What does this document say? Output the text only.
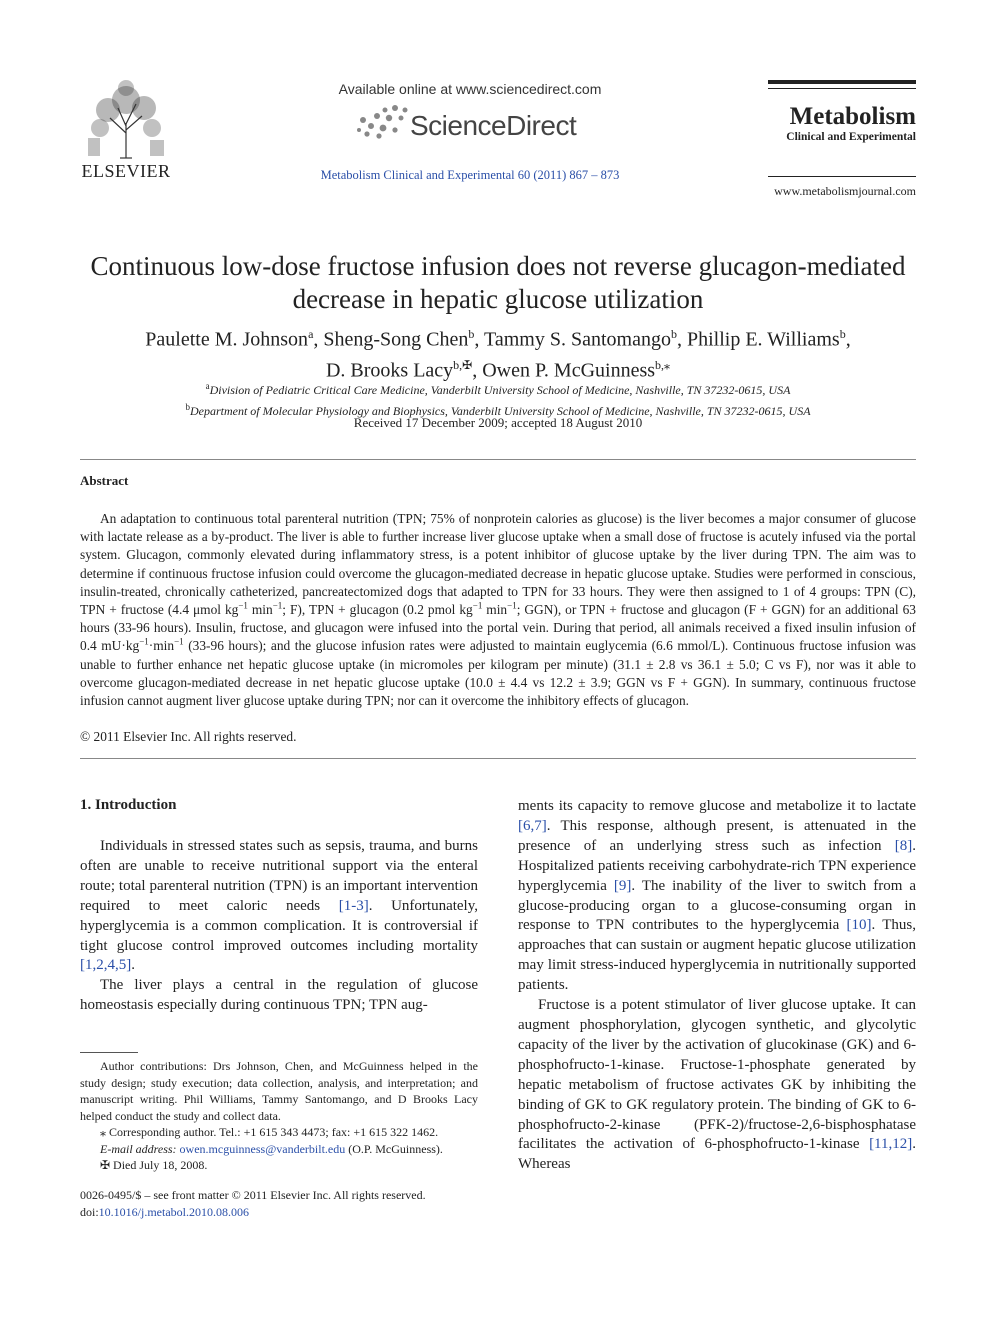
ELSEVIER
Available online at www.sciencedirect.com
ScienceDirect
Metabolism Clinical and Experimental 60 (2011) 867 – 873
Metabolism
Clinical and Experimental
www.metabolismjournal.com
Continuous low-dose fructose infusion does not reverse glucagon-mediated decrease in hepatic glucose utilization
Paulette M. Johnson$^a$, Sheng-Song Chen$^b$, Tammy S. Santomango$^b$, Phillip E. Williams$^b$,
D. Brooks Lacy$^{b,✠}$, Owen P. McGuinness$^{b,⁎}$
$^a$Division of Pediatric Critical Care Medicine, Vanderbilt University School of Medicine, Nashville, TN 37232-0615, USA
$^b$Department of Molecular Physiology and Biophysics, Vanderbilt University School of Medicine, Nashville, TN 37232-0615, USA
Received 17 December 2009; accepted 18 August 2010
Abstract
An adaptation to continuous total parenteral nutrition (TPN; 75% of nonprotein calories as glucose) is the liver becomes a major consumer of glucose with lactate release as a by-product. The liver is able to further increase liver glucose uptake when a small dose of fructose is acutely infused via the portal system. Glucagon, commonly elevated during inflammatory stress, is a potent inhibitor of glucose uptake by the liver during TPN. The aim was to determine if continuous fructose infusion could overcome the glucagon-mediated decrease in hepatic glucose uptake. Studies were performed in conscious, insulin-treated, chronically catheterized, pancreatectomized dogs that adapted to TPN for 33 hours. They were then assigned to 1 of 4 groups: TPN (C), TPN + fructose (4.4 μmol $kg^{-1}$ $\min^{-1}$; F), TPN + glucagon (0.2 pmol $kg^{-1}$ $\min^{-1}$; GGN), or TPN + fructose and glucagon (F + GGN) for an additional 63 hours (33-96 hours). Insulin, fructose, and glucagon were infused into the portal vein. During that period, all animals received a fixed insulin infusion of 0.4 $mU\cdot kg^{-1}\cdot\min^{-1}$ (33-96 hours); and the glucose infusion rates were adjusted to maintain euglycemia (6.6 mmol/L). Continuous fructose infusion was unable to further enhance net hepatic glucose uptake (in micromoles per kilogram per minute) (31.1 ± 2.8 vs 36.1 ± 5.0; C vs F), nor was it able to overcome glucagon-mediated decrease in net hepatic glucose uptake (10.0 ± 4.4 vs 12.2 ± 3.9; GGN vs F + GGN). In summary, continuous fructose infusion cannot augment liver glucose uptake during TPN; nor can it overcome the inhibitory effects of glucagon.
© 2011 Elsevier Inc. All rights reserved.
1. Introduction

Individuals in stressed states such as sepsis, trauma, and burns often are unable to receive nutritional support via the enteral route; total parenteral nutrition (TPN) is an important intervention required to meet caloric needs [1-3]. Unfortunately, hyperglycemia is a common complication. It is controversial if tight glucose control improved outcomes including mortality [1,2,4,5].

The liver plays a central in the regulation of glucose homeostasis especially during continuous TPN; TPN aug-

ments its capacity to remove glucose and metabolize it to lactate [6,7]. This response, although present, is attenuated in the presence of an underlying stress such as infection [8]. Hospitalized patients receiving carbohydrate-rich TPN experience hyperglycemia [9]. The inability of the liver to switch from a glucose-producing organ to a glucose-consuming organ in response to TPN contributes to the hyperglycemia [10]. Thus, approaches that can sustain or augment hepatic glucose utilization may limit stress-induced hyperglycemia in nutritionally supported patients.

Fructose is a potent stimulator of liver glucose uptake. It can augment phosphorylation, glycogen synthetic, and glycolytic capacity of the liver by the activation of glucokinase (GK) and 6-phosphofructo-1-kinase. Fructose-1-phosphate generated by hepatic metabolism of fructose activates GK by inhibiting the binding of GK to GK regulatory protein. The binding of GK to 6-phosphofructo-2-kinase (PFK-2)/fructose-2,6-bisphosphatase facilitates the activation of 6-phosphofructo-1-kinase [11,12]. Whereas

Author contributions: Drs Johnson, Chen, and McGuinness helped in the study design; study execution; data collection, analysis, and interpretation; and manuscript writing. Phil Williams, Tammy Santomango, and D Brooks Lacy helped conduct the study and collect data.

⁎ Corresponding author. Tel.: +1 615 343 4473; fax: +1 615 322 1462.

E-mail address: owen.mcguinness@vanderbilt.edu (O.P. McGuinness).

✠ Died July 18, 2008.

0026-0495/$ – see front matter © 2011 Elsevier Inc. All rights reserved.
doi:10.1016/j.metabol.2010.08.006
